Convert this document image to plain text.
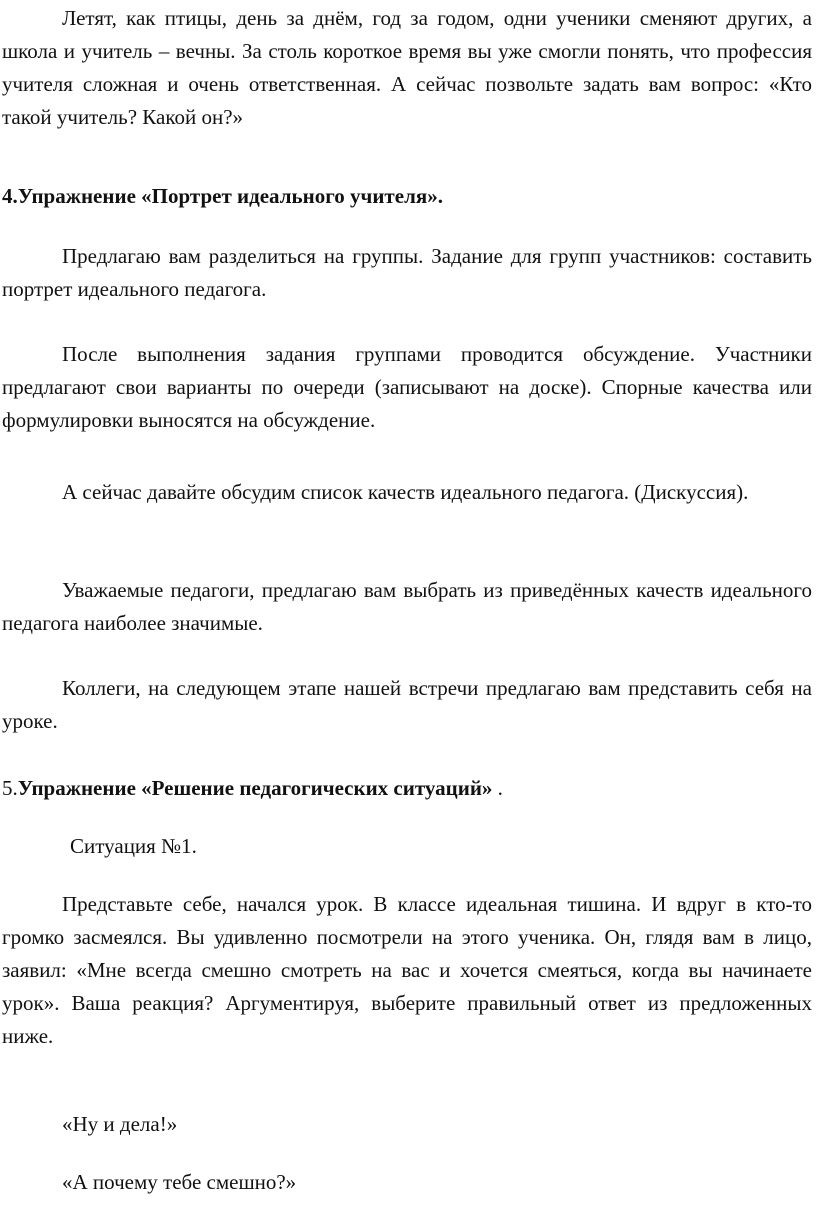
Летят, как птицы, день за днём, год за годом, одни ученики сменяют других, а школа и учитель – вечны. За столь короткое время вы уже смогли понять, что профессия учителя сложная и очень ответственная. А сейчас позвольте задать вам вопрос: «Кто такой учитель? Какой он?»

4.Упражнение «Портрет идеального учителя».

Предлагаю вам разделиться на группы. Задание для групп участников: составить портрет идеального педагога.

После выполнения задания группами проводится обсуждение. Участники предлагают свои варианты по очереди (записывают на доске). Спорные качества или формулировки выносятся на обсуждение.

А сейчас давайте обсудим список качеств идеального педагога. (Дискуссия).

Уважаемые педагоги, предлагаю вам выбрать из приведённых качеств идеального педагога наиболее значимые.

Коллеги, на следующем этапе нашей встречи предлагаю вам представить себя на уроке.

5.Упражнение «Решение педагогических ситуаций» .

Ситуация №1.

Представьте себе, начался урок. В классе идеальная тишина. И вдруг в кто-то громко засмеялся. Вы удивленно посмотрели на этого ученика. Он, глядя вам в лицо, заявил: «Мне всегда смешно смотреть на вас и хочется смеяться, когда вы начинаете урок». Ваша реакция? Аргументируя, выберите правильный ответ из предложенных ниже.

«Ну и дела!»
«А почему тебе смешно?»
